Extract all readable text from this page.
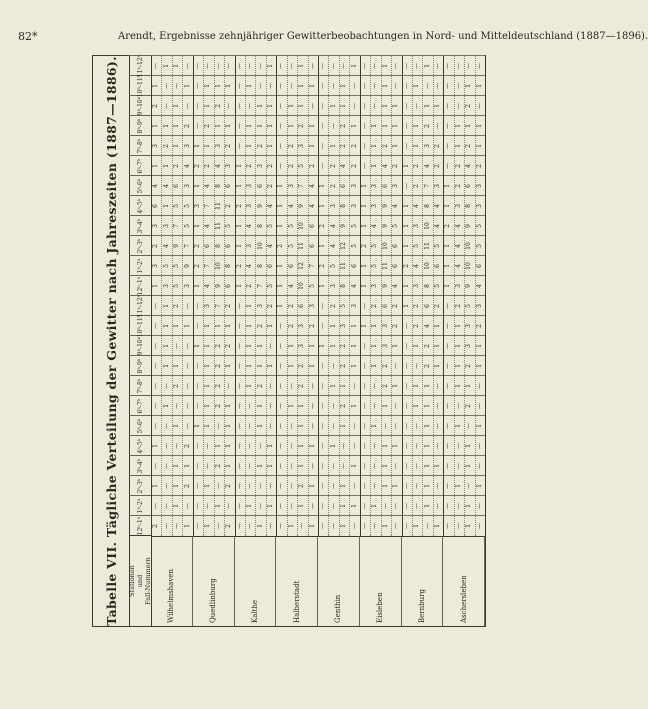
82*	Arendt, Ergebnisse zehnjähriger Gewitterbeobachtungen in Nord- und Mitteldeutschland (1887—1896).
Tabelle VII. Tägliche Verteilung der Gewitter nach Jahreszeiten (1887—1886).	Stationen und Fall-Nummern
12ʰ-1ʰ
1ʰ-2ʰ
2ʰ-3ʰ
3ʰ-4ʰ
4ʰ-5ʰ
5ʰ-6ʰ
6ʰ-7ʰ
7ʰ-8ʰ
8ʰ-9ʰ
9ʰ-10ʰ
10ʰ-11ʰ
11ʰ-12ʰ
12ʰ-1ʰ
1ʰ-2ʰ
2ʰ-3ʰ
3ʰ-4ʰ
4ʰ-5ʰ
5ʰ-6ʰ
6ʰ-7ʰ
7ʰ-8ʰ
8ʰ-9ʰ
9ʰ-10ʰ
10ʰ-11ʰ
11ʰ-12ʰ
Wilhelmshaven
2
—
1
—
1
—
—
—
—
—
—
—
1
3
2
3
6
4
1
3
1
2
1
—
—
—
—
—
—
—
1
—
1
1
1
1
3
5
4
3
1
4
1
2
1
—
—
1
—
1
1
1
—
1
—
2
1
—
1
2
5
5
9
7
5
6
2
1
1
1
—
1
1
—
2
1
2
—
—
—
—
—
1
—
3
9
7
5
5
3
4
3
2
—
1
—
Quedlinburg
—
—
—
—
—
1
—
—
—
1
—
—
1
2
2
1
3
1
2
1
—
—
—
—
1
—
1
—
—
1
1
1
1
1
1
3
4
7
6
4
7
4
2
1
2
1
1
—
—
1
—
2
1
—
2
2
2
2
1
7
9
10
8
11
11
8
4
3
1
2
1
—
2
—
2
1
1
1
1
—
1
2
1
2
6
8
6
5
2
6
3
2
1
—
1
—
Kalthe
—
—
—
—
—
—
—
—
—
—
—
—
1
2
1
1
2
1
1
—
—
—
—
—
—
1
—
—
—
—
—
1
1
1
1
1
2
4
3
4
3
3
2
1
1
—
1
—
1
—
—
1
—
1
1
2
1
1
2
3
7
8
10
8
9
6
3
2
1
1
—
—
—
1
—
1
1
—
—
—
1
—
1
2
5
6
4
5
4
2
2
1
1
1
—
1
Halberstadt
—
—
—
—
—
—
—
—
—
—
—
1
1
1
2
1
1
1
—
—
—
—
—
—
1
—
—
—
—
—
1
—
1
1
2
2
4
6
5
5
4
3
2
2
1
1
—
—
—
1
2
1
1
1
1
2
2
3
3
6
10
12
11
10
9
7
5
3
2
1
1
1
1
—
1
—
1
—
—
—
1
1
2
3
5
7
6
6
4
4
2
1
1
—
1
—
Genthin
—
—
—
—
—
—
—
—
—
1
—
—
1
2
1
2
1
1
—
—
—
—
—
—
—
—
—
—
1
—
—
1
—
1
1
2
3
5
4
4
3
2
2
1
—
1
—
—
1
1
1
—
—
1
2
1
2
2
3
5
8
11
12
9
8
6
4
2
2
1
1
—
—
1
—
1
—
—
1
—
1
1
1
3
4
6
5
5
3
3
2
2
1
—
—
1
Eisleben
—
—
—
—
—
—
—
—
—
—
1
—
1
1
2
1
1
1
—
—
—
—
—
—
—
1
—
—
—
1
—
—
1
1
1
2
3
5
5
4
3
3
1
1
1
—
—
—
1
—
1
1
1
—
1
2
2
3
3
6
9
11
10
9
9
6
4
2
1
1
1
1
—
—
1
—
1
—
—
1
—
1
2
2
4
6
6
5
4
3
2
1
1
1
—
—
Bernburg
—
—
—
—
—
—
—
—
—
—
—
1
1
2
1
1
1
—
1
—
—
—
—
—
1
—
—
—
—
—
1
1
—
1
2
2
3
4
5
3
4
2
2
1
1
—
1
—
—
1
1
1
1
1
1
1
2
2
4
6
8
10
11
10
8
7
4
3
2
1
—
1
1
—
—
1
—
—
—
—
1
1
1
2
5
6
5
4
4
3
2
2
—
1
—
—
Aschersleben
—
—
—
—
—
—
—
—
—
—
—
—
1
1
1
2
1
1
—
—
—
—
—
—
—
—
1
—
—
1
—
1
1
1
1
2
3
4
4
4
3
2
2
1
1
—
—
—
1
1
—
1
1
—
2
1
2
3
3
5
9
10
10
9
8
6
4
2
1
2
1
—
—
—
1
—
—
1
—
—
1
1
2
3
4
6
5
5
3
3
2
1
1
—
1
—
